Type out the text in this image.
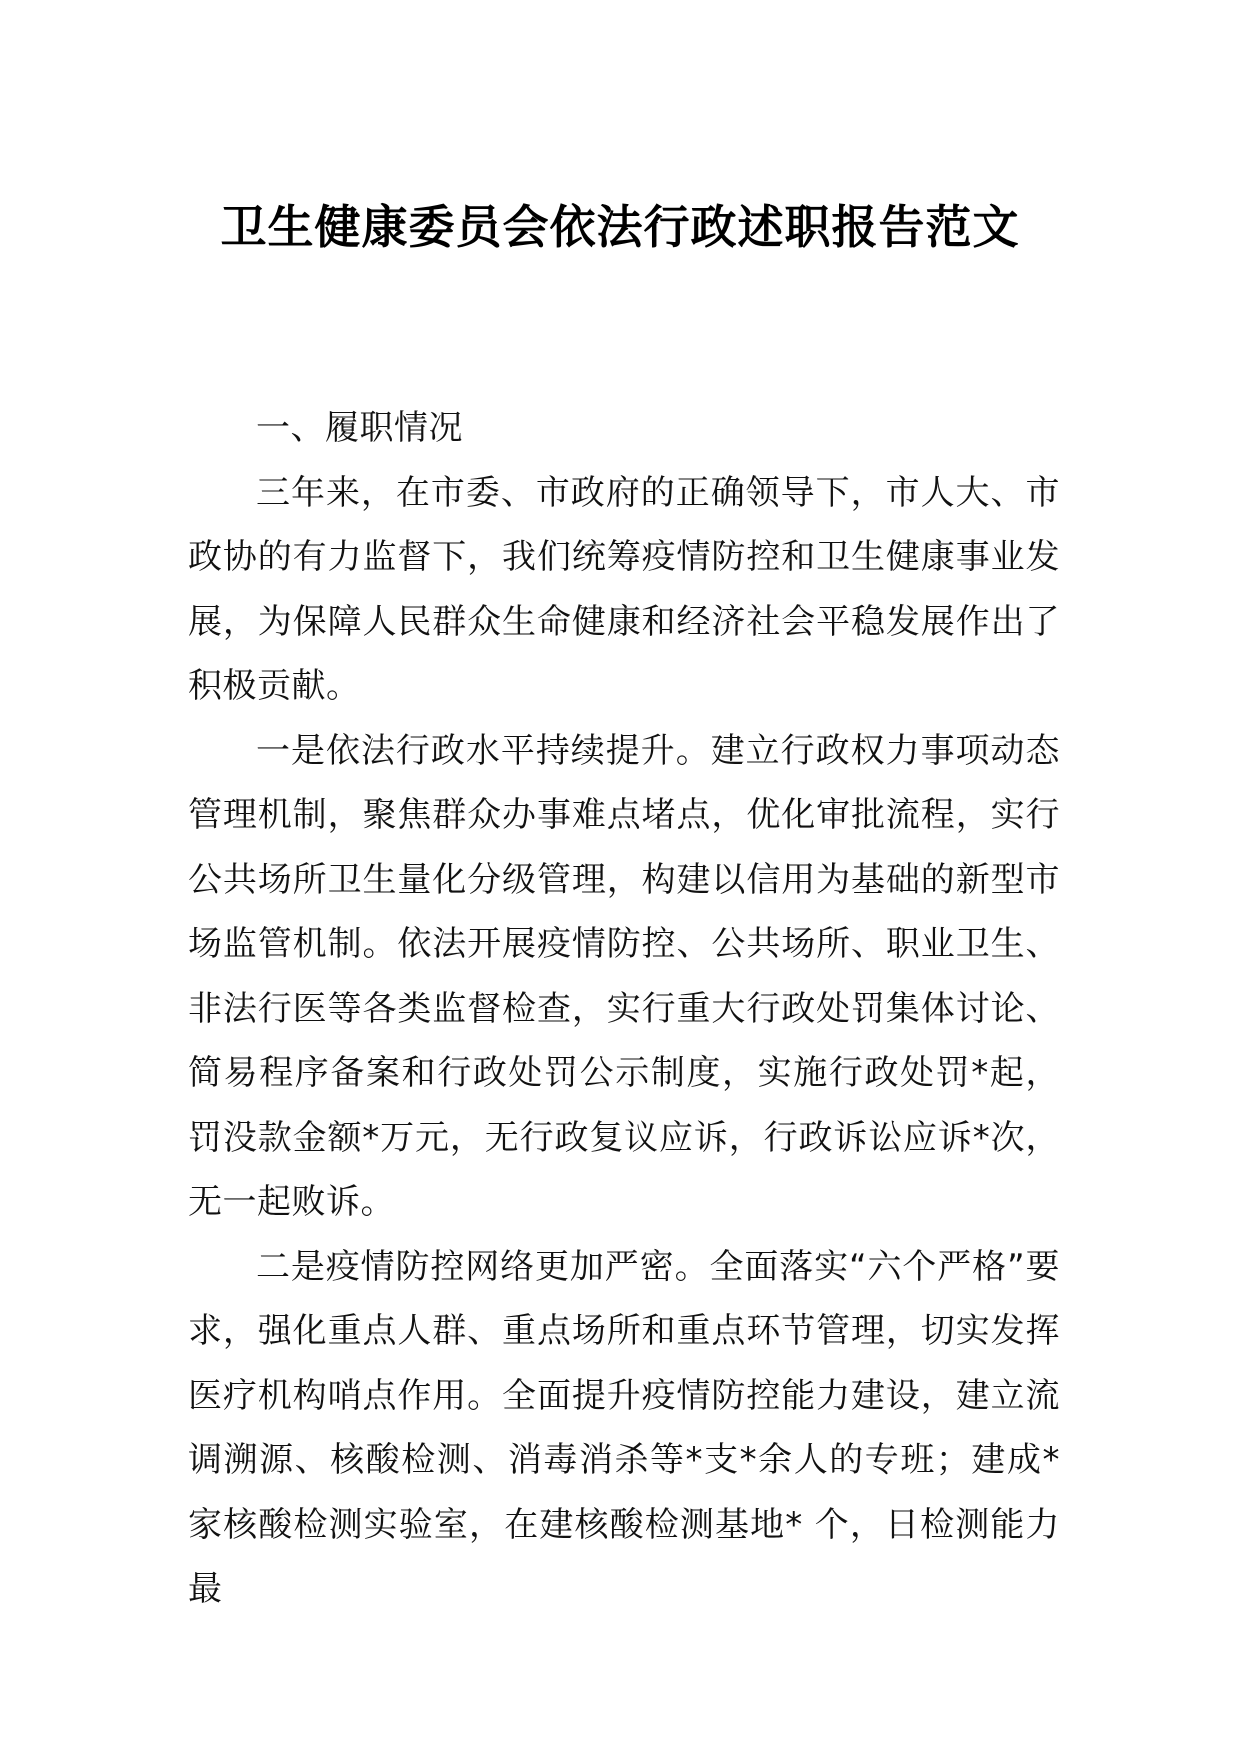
卫生健康委员会依法行政述职报告范文

一、履职情况

三年来，在市委、市政府的正确领导下，市人大、市政协的有力监督下，我们统筹疫情防控和卫生健康事业发展，为保障人民群众生命健康和经济社会平稳发展作出了积极贡献。

一是依法行政水平持续提升。建立行政权力事项动态管理机制，聚焦群众办事难点堵点，优化审批流程，实行公共场所卫生量化分级管理，构建以信用为基础的新型市场监管机制。依法开展疫情防控、公共场所、职业卫生、非法行医等各类监督检查，实行重大行政处罚集体讨论、简易程序备案和行政处罚公示制度，实施行政处罚*起，罚没款金额*万元，无行政复议应诉，行政诉讼应诉*次，无一起败诉。

二是疫情防控网络更加严密。全面落实“六个严格”要求，强化重点人群、重点场所和重点环节管理，切实发挥医疗机构哨点作用。全面提升疫情防控能力建设，建立流调溯源、核酸检测、消毒消杀等*支*余人的专班；建成*家核酸检测实验室，在建核酸检测基地* 个，日检测能力最
